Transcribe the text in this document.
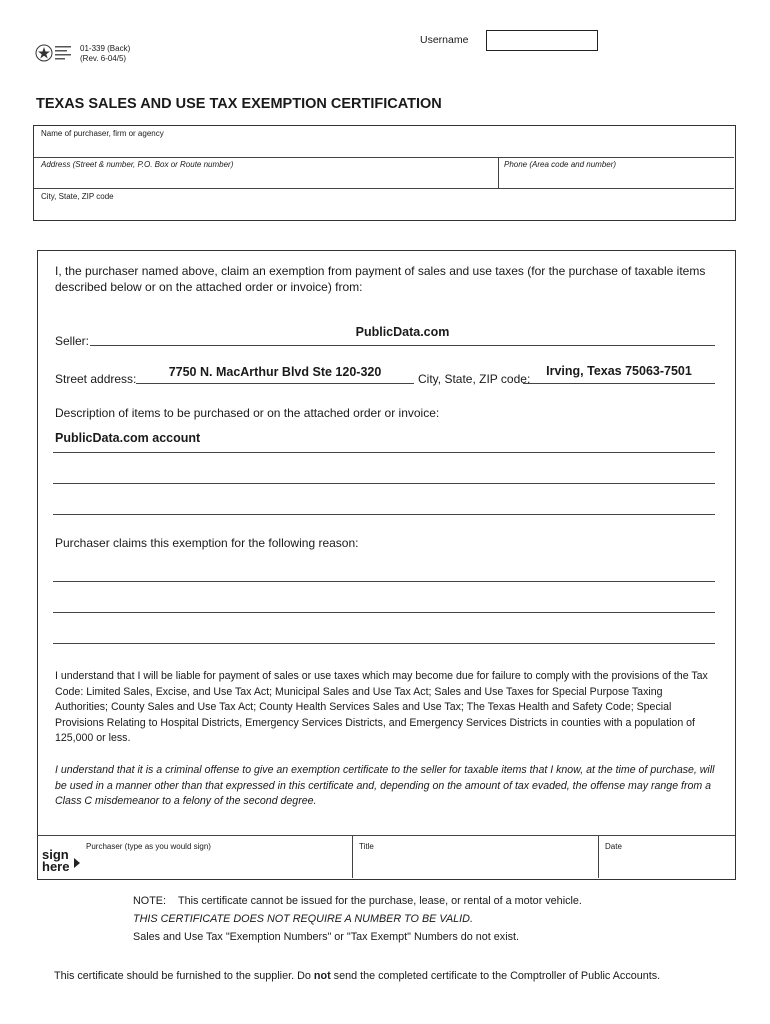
01-339 (Back)
(Rev. 6-04/5)
Username
TEXAS SALES AND USE TAX EXEMPTION CERTIFICATION
Name of purchaser, firm or agency
Address (Street & number, P.O. Box or Route number)	Phone (Area code and number)
City, State, ZIP code
I, the purchaser named above, claim an exemption from payment of sales and use taxes (for the purchase of taxable items described below or on the attached order or invoice) from:
Seller:
PublicData.com
Street address:	7750 N. MacArthur Blvd Ste 120-320	City, State, ZIP code:
Irving, Texas 75063-7501
Description of items to be purchased or on the attached order or invoice:
PublicData.com account
Purchaser claims this exemption for the following reason:
I understand that I will be liable for payment of sales or use taxes which may become due for failure to comply with the provisions of the Tax Code: Limited Sales, Excise, and Use Tax Act; Municipal Sales and Use Tax Act; Sales and Use Taxes for Special Purpose Taxing Authorities; County Sales and Use Tax Act; County Health Services Sales and Use Tax; The Texas Health and Safety Code; Special Provisions Relating to Hospital Districts, Emergency Services Districts, and Emergency Services Districts in counties with a population of 125,000 or less.
I understand that it is a criminal offense to give an exemption certificate to the seller for taxable items that I know, at the time of purchase, will be used in a manner other than that expressed in this certificate and, depending on the amount of tax evaded, the offense may range from a Class C misdemeanor to a felony of the second degree.
sign
here
Purchaser (type as you would sign)	Title	Date
NOTE: This certificate cannot be issued for the purchase, lease, or rental of a motor vehicle.
THIS CERTIFICATE DOES NOT REQUIRE A NUMBER TO BE VALID.
Sales and Use Tax "Exemption Numbers" or "Tax Exempt" Numbers do not exist.
This certificate should be furnished to the supplier. Do not send the completed certificate to the Comptroller of Public Accounts.
